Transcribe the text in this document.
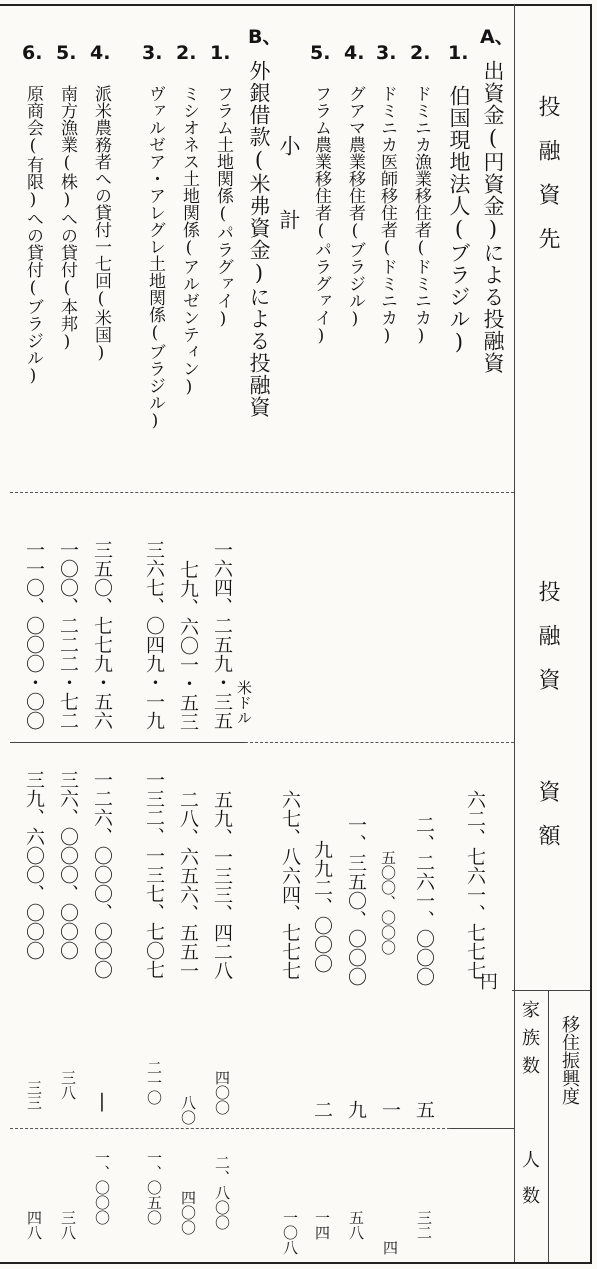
投　融　資　先
投　融　資
資　額
移住振興度
家族数
人　数
A、
出資金(円資金)による投融資
1.
伯国現地法人(ブラジル)
六二、七六一、七七七
2.
ドミニカ漁業移住者(ドミニカ)
二、二六一、〇〇〇
五
三二
3.
ドミニカ医師移住者(ドミニカ)
五〇〇、〇〇〇
一
四
4.
グアマ農業移住者(ブラジル)
一、三五〇、〇〇〇
九
五八
5.
フラム農業移住者(パラグァイ)
九九二、〇〇〇
二
一四
小　計
六七、八六四、七七七
一〇八
円
B、
外銀借款(米弗資金)による投融資
米ドル
1.
フラム土地関係(パラグァイ)
一六四、二五九・三五
五九、一三三、四二八
四〇〇
二、八〇〇
2.
ミシオネス土地関係(アルゼンティン)
七九、六〇一・五三
二八、六五六、五五一
八〇
四〇〇
3.
ヴァルゼア・アレグレ土地関係(ブラジル)
三六七、〇四九・一九
一三二、一三七、七〇七
二一〇
一、〇五〇
4.
派米農務者への貸付一七回(米国)
三五〇、七七九・五六
一二六、〇〇〇、〇〇〇
|
一、〇〇〇
5.
南方漁業(株)への貸付(本邦)
一〇〇、二二二・七二
三六、〇〇〇、〇〇〇
三八
三八
6.
原商会(有限)への貸付(ブラジル)
一一〇、〇〇〇・〇〇
三九、六〇〇、〇〇〇
三三
四八
